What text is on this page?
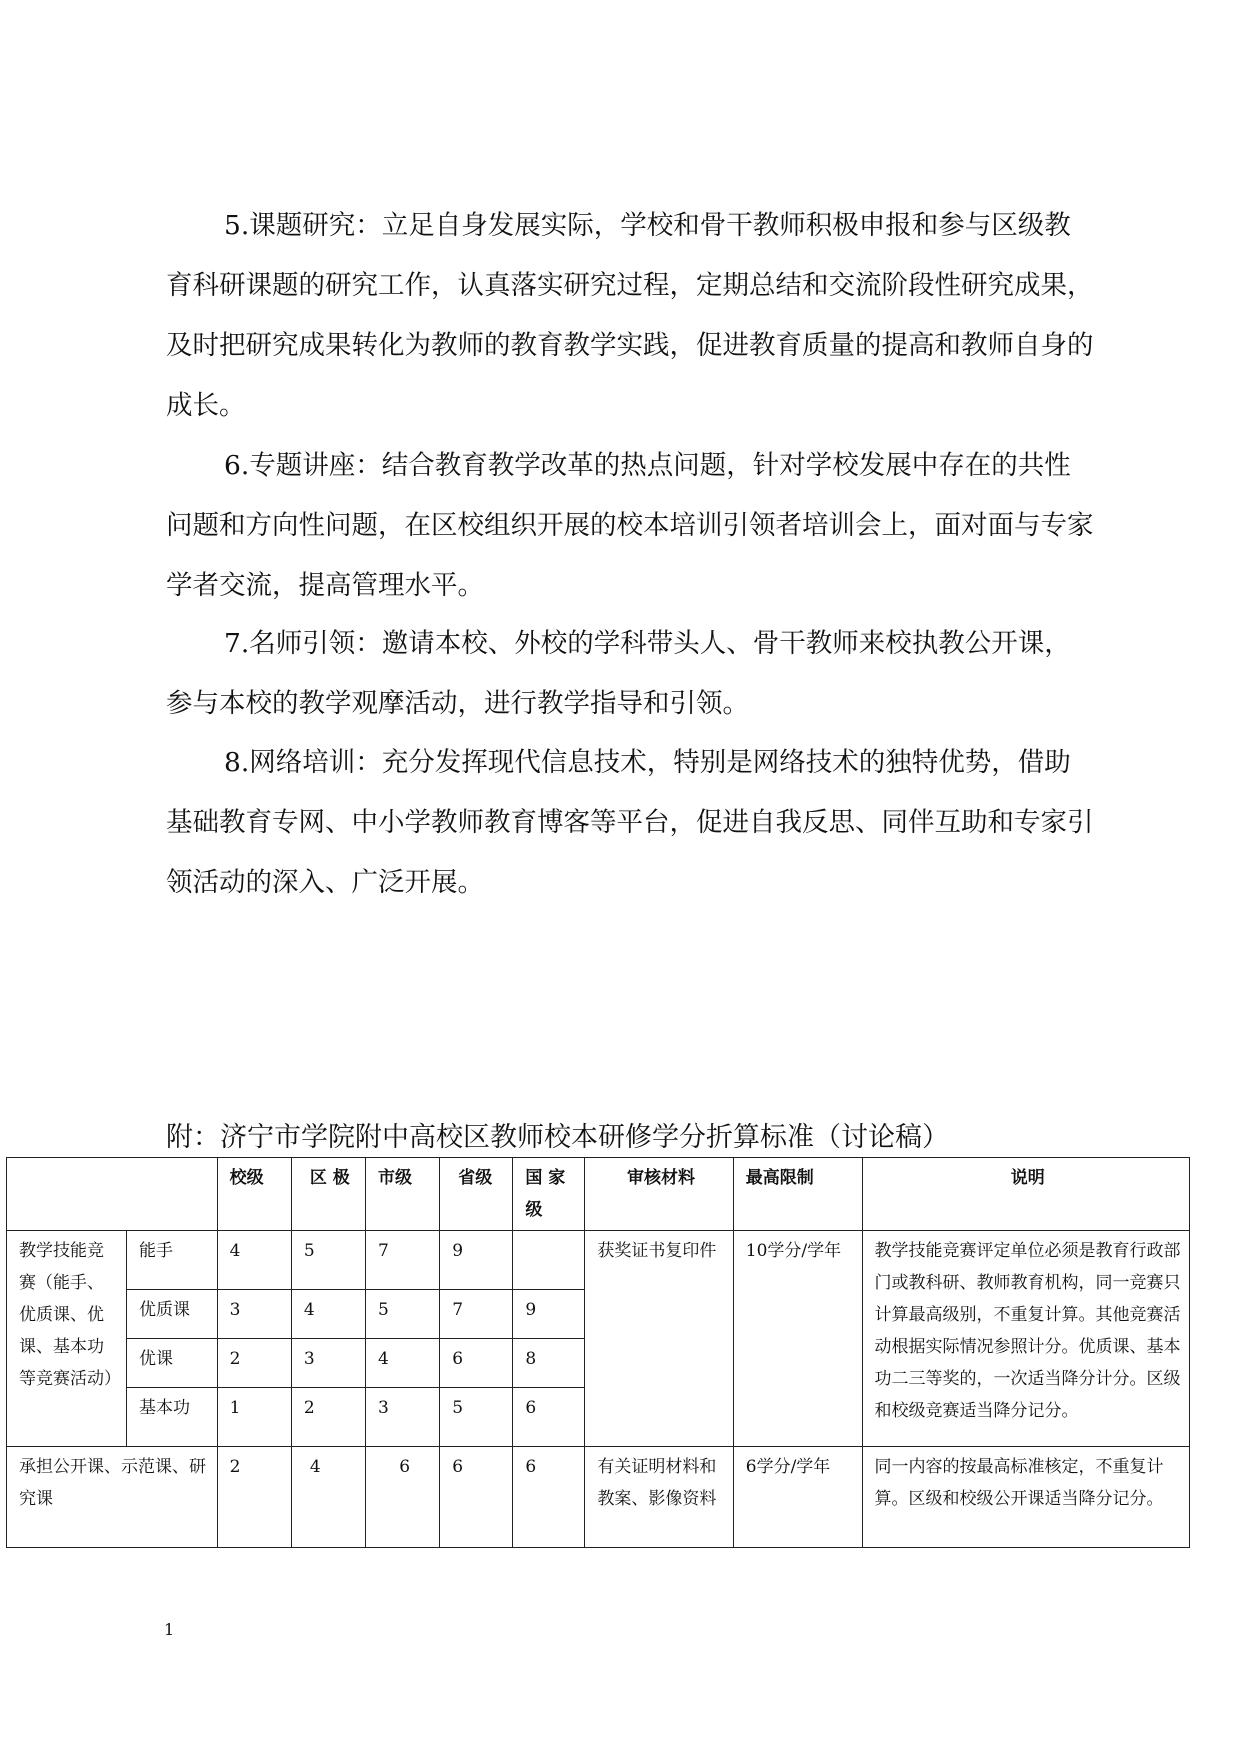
5.课题研究：立足自身发展实际，学校和骨干教师积极申报和参与区级教育科研课题的研究工作，认真落实研究过程，定期总结和交流阶段性研究成果，及时把研究成果转化为教师的教育教学实践，促进教育质量的提高和教师自身的成长。

6.专题讲座：结合教育教学改革的热点问题，针对学校发展中存在的共性问题和方向性问题，在区校组织开展的校本培训引领者培训会上，面对面与专家学者交流，提高管理水平。

7.名师引领：邀请本校、外校的学科带头人、骨干教师来校执教公开课，参与本校的教学观摩活动，进行教学指导和引领。

8.网络培训：充分发挥现代信息技术，特别是网络技术的独特优势，借助基础教育专网、中小学教师教育博客等平台，促进自我反思、同伴互助和专家引领活动的深入、广泛开展。

附：济宁市学院附中高校区教师校本研修学分折算标准（讨论稿）
		校级	区 极	市级	省级	国 家 级	审核材料	最高限制	说明
教学技能竞赛（能手、优质课、优课、基本功等竞赛活动）	能手	4	5	7	9		获奖证书复印件	10学分/学年	教学技能竞赛评定单位必须是教育行政部门或教科研、教师教育机构，同一竞赛只计算最高级别，不重复计算。其他竞赛活动根据实际情况参照计分。优质课、基本功二三等奖的，一次适当降分计分。区级和校级竞赛适当降分记分。
	优质课	3	4	5	7	9			
	优课	2	3	4	6	8			
	基本功	1	2	3	5	6			
承担公开课、示范课、研究课		2	4	6	6	6	有关证明材料和教案、影像资料	6学分/学年	同一内容的按最高标准核定，不重复计算。区级和校级公开课适当降分记分。
1
